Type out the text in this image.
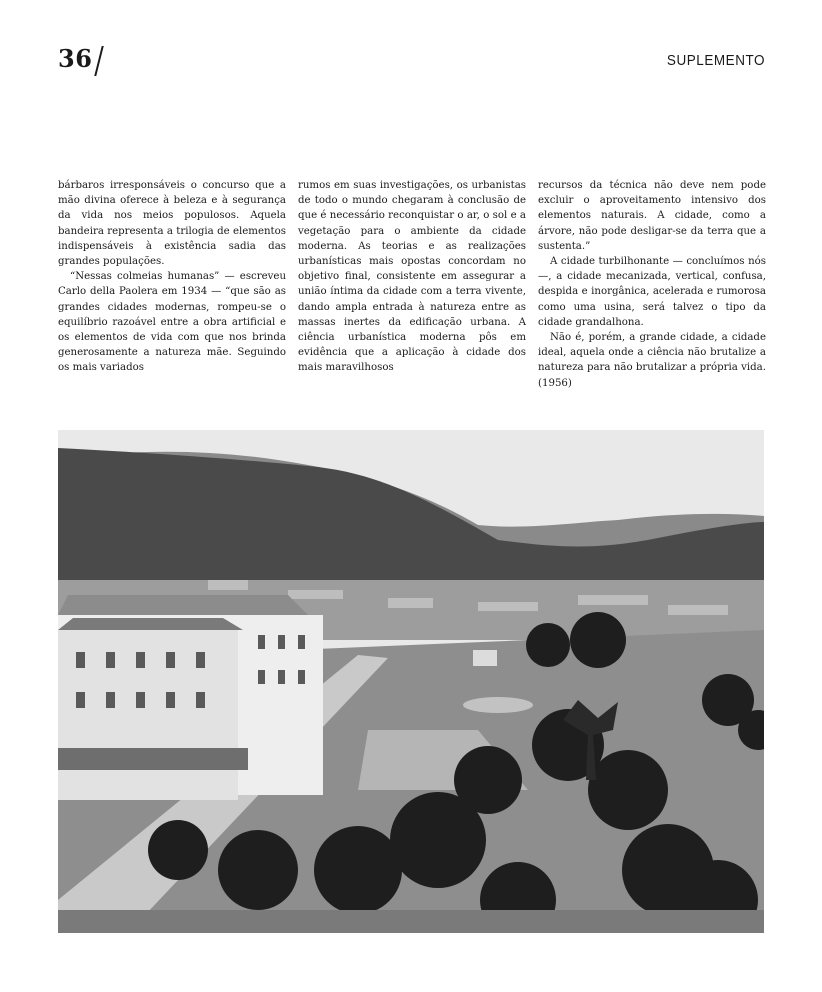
36	SUPLEMENTO

bárbaros irresponsáveis o concurso que a mão divina oferece à beleza e à segurança da vida nos meios populosos. Aquela bandeira representa a trilogia de elementos indispensáveis à existência sadia das grandes populações.

“Nessas colmeias humanas” — escreveu Carlo della Paolera em 1934 — “que são as grandes cidades modernas, rompeu-se o equilíbrio razoável entre a obra artificial e os elementos de vida com que nos brinda generosamente a natureza mãe. Seguindo os mais variados

rumos em suas investigações, os urbanistas de todo o mundo chegaram à conclusão de que é necessário reconquistar o ar, o sol e a vegetação para o ambiente da cidade moderna. As teorias e as realizações urbanísticas mais opostas concordam no objetivo final, consistente em assegurar a união íntima da cidade com a terra vivente, dando ampla entrada à natureza entre as massas inertes da edificação urbana. A ciência urbanística moderna pôs em evidência que a aplicação à cidade dos mais maravilhosos

recursos da técnica não deve nem pode excluir o aproveitamento intensivo dos elementos naturais. A cidade, como a árvore, não pode desligar-se da terra que a sustenta.”

A cidade turbilhonante — concluímos nós —, a cidade mecanizada, vertical, confusa, despida e inorgânica, acelerada e rumorosa como uma usina, será talvez o tipo da cidade grandalhona.

Não é, porém, a grande cidade, a cidade ideal, aquela onde a ciência não brutalize a natureza para não brutalizar a própria vida. (1956)
